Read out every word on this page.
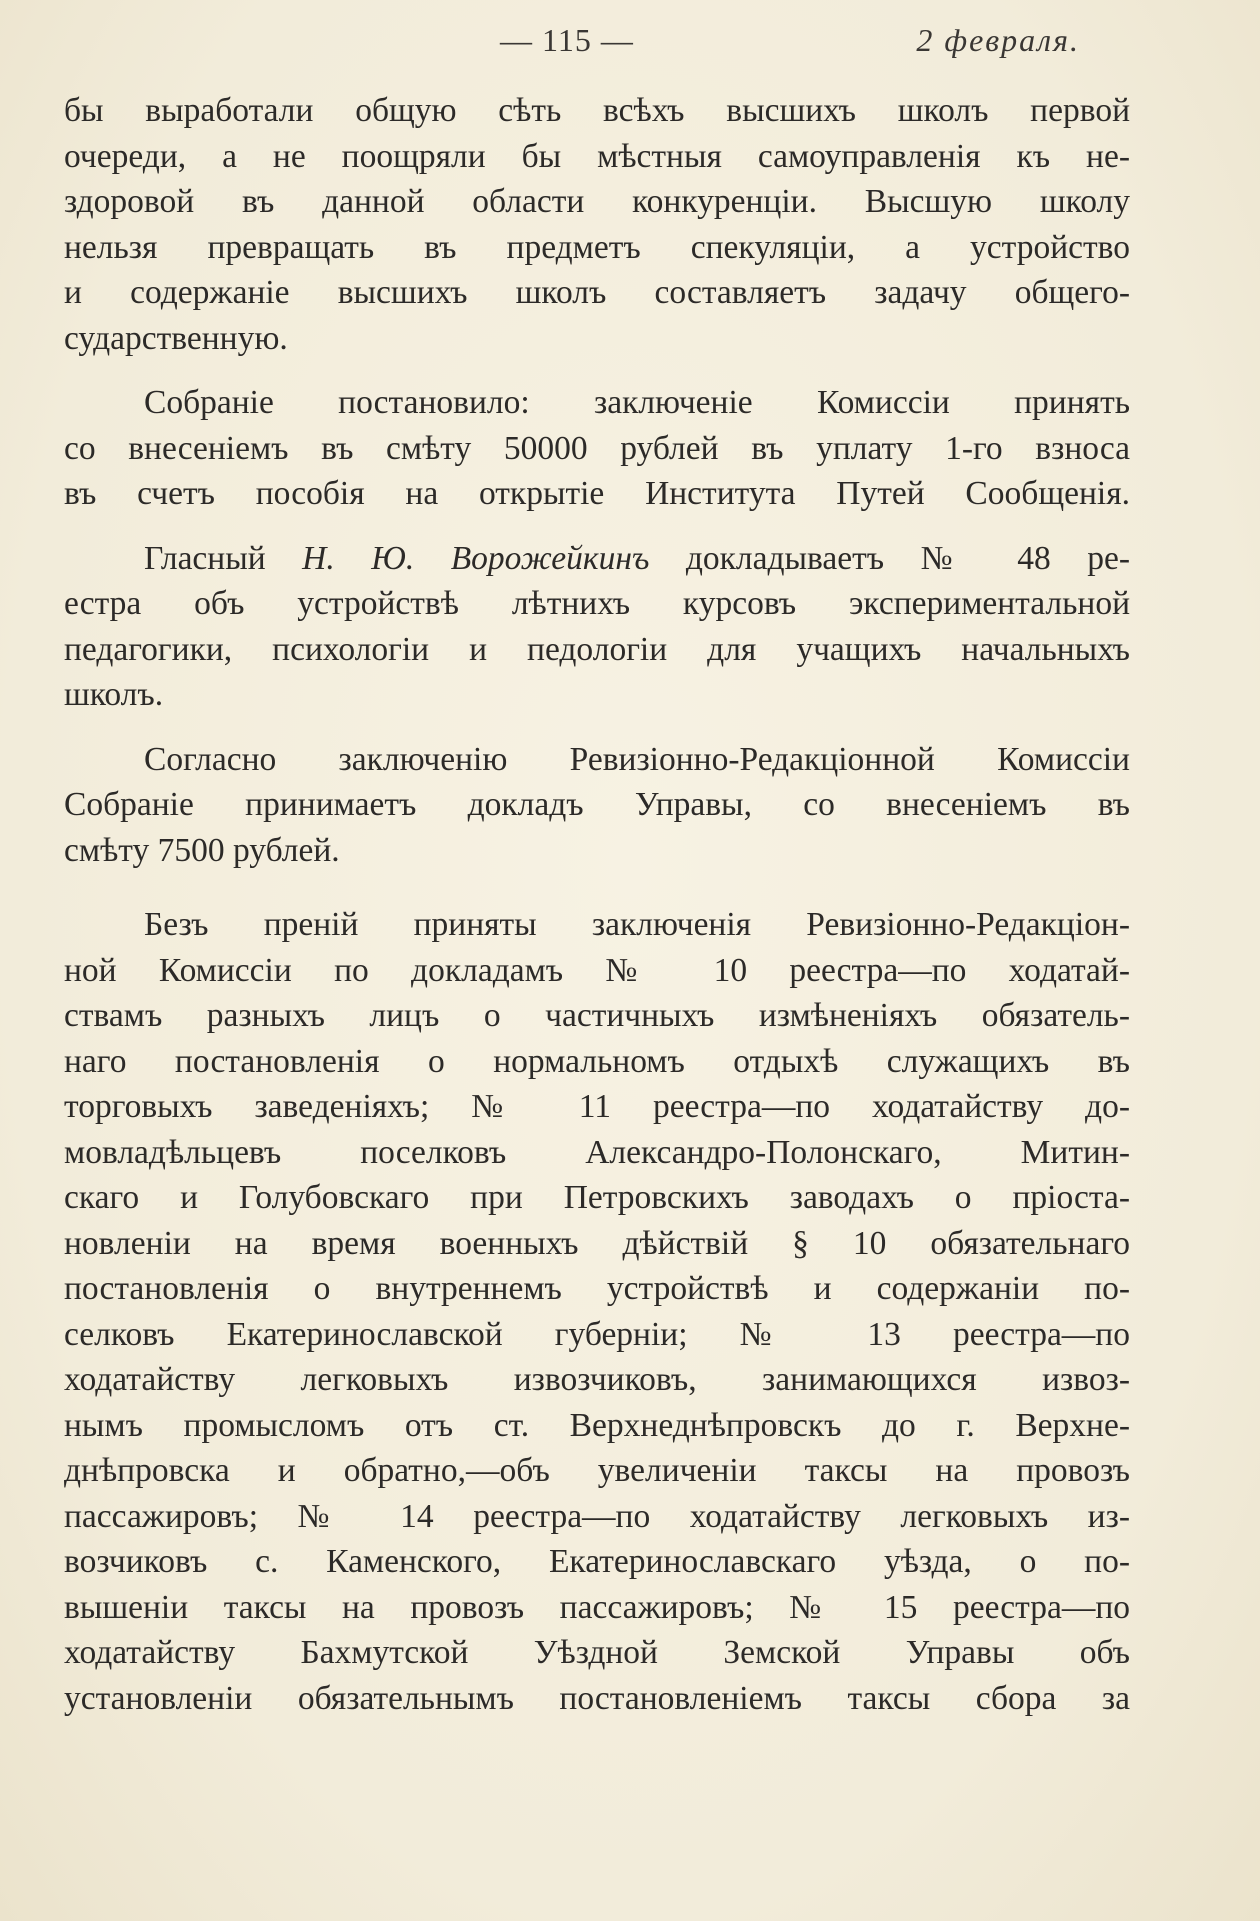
— 115 —	2 февраля.
бы выработали общую сѣть всѣхъ высшихъ школъ первой
очереди, а не поощряли бы мѣстныя самоуправленія къ не-
здоровой въ данной области конкуренціи. Высшую школу
нельзя превращать въ предметъ спекуляціи, а устройство
и содержаніе высшихъ школъ составляетъ задачу общего-
сударственную.
Собраніе постановило: заключеніе Комиссіи принять
со внесеніемъ въ смѣту 50000 рублей въ уплату 1-го взноса
въ счетъ пособія на открытіе Института Путей Сообщенія.
Гласный Н. Ю. Ворожейкинъ докладываетъ № 48 ре-
естра объ устройствѣ лѣтнихъ курсовъ экспериментальной
педагогики, психологіи и педологіи для учащихъ начальныхъ
школъ.
Согласно заключенію Ревизіонно-Редакціонной Комиссіи
Собраніе принимаетъ докладъ Управы, со внесеніемъ въ
смѣту 7500 рублей.
Безъ преній приняты заключенія Ревизіонно-Редакціон-
ной Комиссіи по докладамъ № 10 реестра—по ходатай-
ствамъ разныхъ лицъ о частичныхъ измѣненіяхъ обязатель-
наго постановленія о нормальномъ отдыхѣ служащихъ въ
торговыхъ заведеніяхъ; № 11 реестра—по ходатайству до-
мовладѣльцевъ поселковъ Александро-Полонскаго, Митин-
скаго и Голубовскаго при Петровскихъ заводахъ о пріоста-
новленіи на время военныхъ дѣйствій § 10 обязательнаго
постановленія о внутреннемъ устройствѣ и содержаніи по-
селковъ Екатеринославской губерніи; № 13 реестра—по
ходатайству легковыхъ извозчиковъ, занимающихся извоз-
нымъ промысломъ отъ ст. Верхнеднѣпровскъ до г. Верхне-
днѣпровска и обратно,—объ увеличеніи таксы на провозъ
пассажировъ; № 14 реестра—по ходатайству легковыхъ из-
возчиковъ с. Каменского, Екатеринославскаго уѣзда, о по-
вышеніи таксы на провозъ пассажировъ; № 15 реестра—по
ходатайству Бахмутской Уѣздной Земской Управы объ
установленіи обязательнымъ постановленіемъ таксы сбора за
